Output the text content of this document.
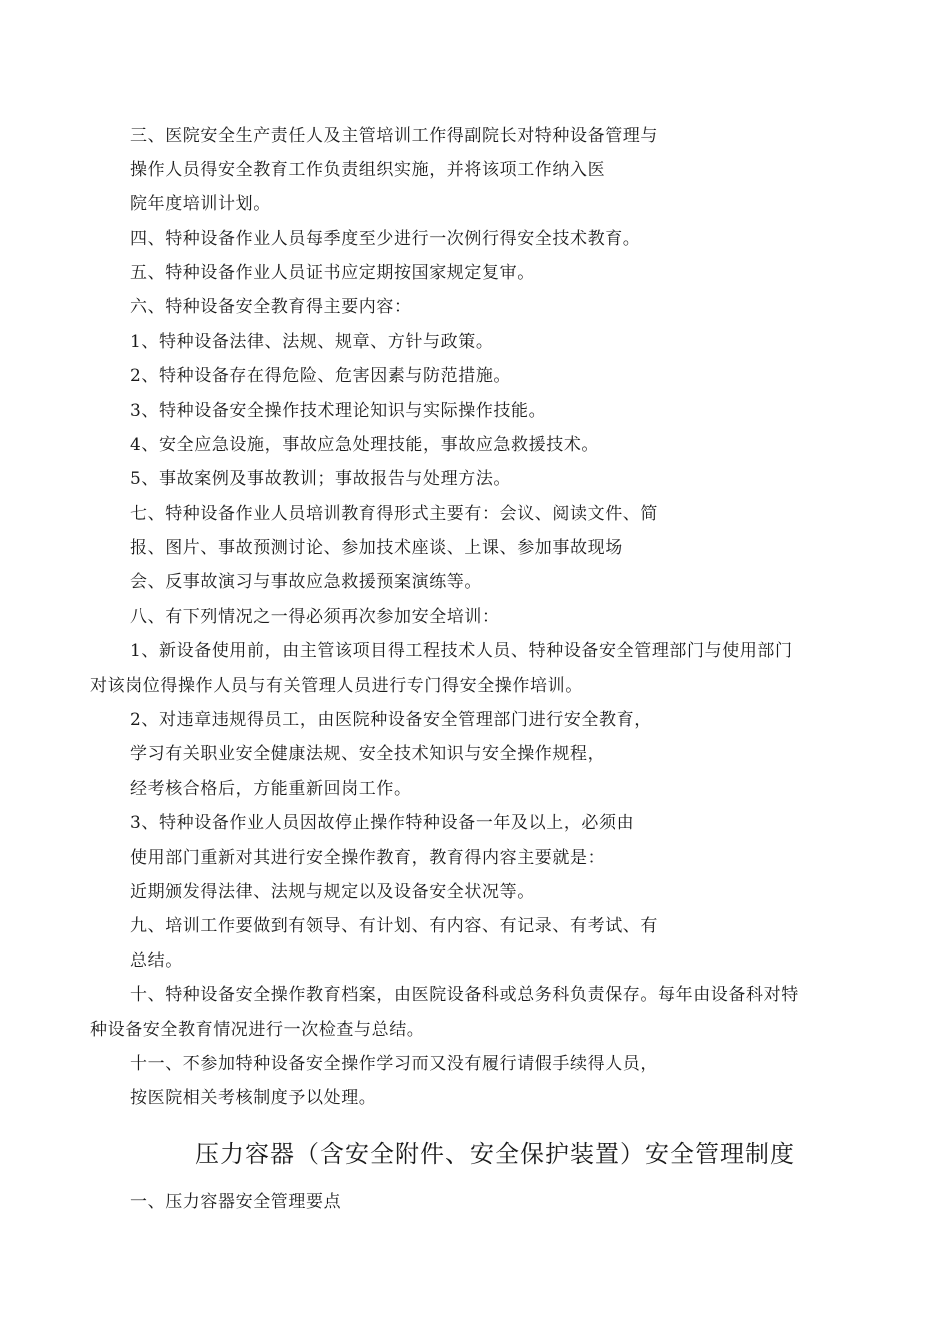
三、医院安全生产责任人及主管培训工作得副院长对特种设备管理与
操作人员得安全教育工作负责组织实施，并将该项工作纳入医
院年度培训计划。
四、特种设备作业人员每季度至少进行一次例行得安全技术教育。
五、特种设备作业人员证书应定期按国家规定复审。
六、特种设备安全教育得主要内容：
1、特种设备法律、法规、规章、方针与政策。
2、特种设备存在得危险、危害因素与防范措施。
3、特种设备安全操作技术理论知识与实际操作技能。
4、安全应急设施，事故应急处理技能，事故应急救援技术。
5、事故案例及事故教训；事故报告与处理方法。
七、特种设备作业人员培训教育得形式主要有：会议、阅读文件、简
报、图片、事故预测讨论、参加技术座谈、上课、参加事故现场
会、反事故演习与事故应急救援预案演练等。
八、有下列情况之一得必须再次参加安全培训：
1、新设备使用前，由主管该项目得工程技术人员、特种设备安全管理部门与使用部门
对该岗位得操作人员与有关管理人员进行专门得安全操作培训。
2、对违章违规得员工，由医院种设备安全管理部门进行安全教育，
学习有关职业安全健康法规、安全技术知识与安全操作规程，
经考核合格后，方能重新回岗工作。
3、特种设备作业人员因故停止操作特种设备一年及以上，必须由
使用部门重新对其进行安全操作教育，教育得内容主要就是：
近期颁发得法律、法规与规定以及设备安全状况等。
九、培训工作要做到有领导、有计划、有内容、有记录、有考试、有
总结。
十、特种设备安全操作教育档案，由医院设备科或总务科负责保存。每年由设备科对特
种设备安全教育情况进行一次检查与总结。
十一、不参加特种设备安全操作学习而又没有履行请假手续得人员，
按医院相关考核制度予以处理。
压力容器（含安全附件、安全保护装置）安全管理制度
一、压力容器安全管理要点
